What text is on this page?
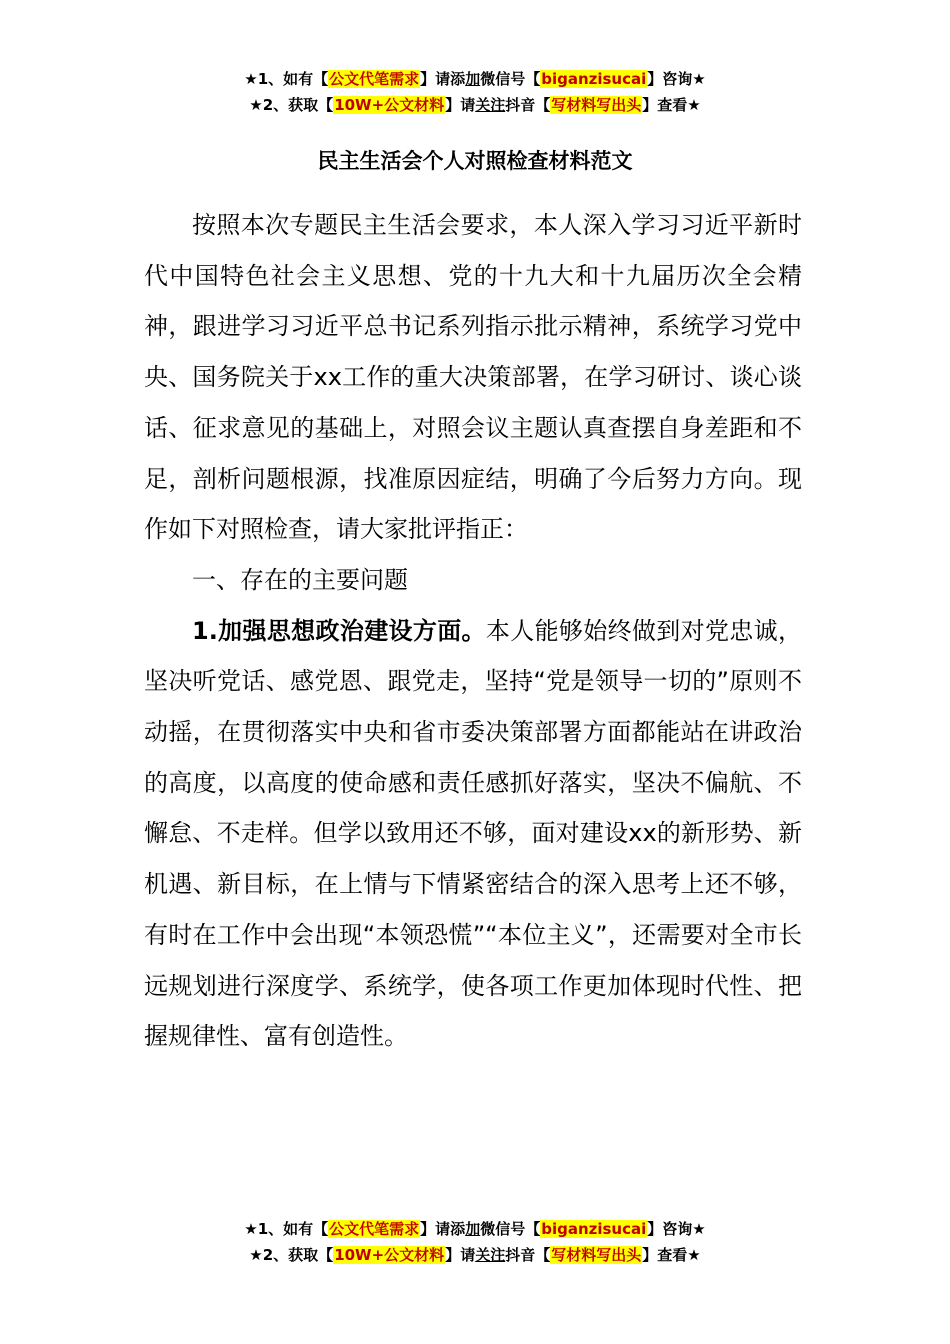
★1、如有【公文代笔需求】请添加微信号【biganzisucai】咨询★
★2、获取【10W+公文材料】请关注抖音【写材料写出头】查看★
民主生活会个人对照检查材料范文

按照本次专题民主生活会要求，本人深入学习习近平新时代中国特色社会主义思想、党的十九大和十九届历次全会精神，跟进学习习近平总书记系列指示批示精神，系统学习党中央、国务院关于xx工作的重大决策部署，在学习研讨、谈心谈话、征求意见的基础上，对照会议主题认真查摆自身差距和不足，剖析问题根源，找准原因症结，明确了今后努力方向。现作如下对照检查，请大家批评指正：

一、存在的主要问题

1.加强思想政治建设方面。本人能够始终做到对党忠诚，坚决听党话、感党恩、跟党走，坚持“党是领导一切的”原则不动摇，在贯彻落实中央和省市委决策部署方面都能站在讲政治的高度，以高度的使命感和责任感抓好落实，坚决不偏航、不懈怠、不走样。但学以致用还不够，面对建设xx的新形势、新机遇、新目标，在上情与下情紧密结合的深入思考上还不够，有时在工作中会出现“本领恐慌”“本位主义”，还需要对全市长远规划进行深度学、系统学，使各项工作更加体现时代性、把握规律性、富有创造性。

★1、如有【公文代笔需求】请添加微信号【biganzisucai】咨询★
★2、获取【10W+公文材料】请关注抖音【写材料写出头】查看★
